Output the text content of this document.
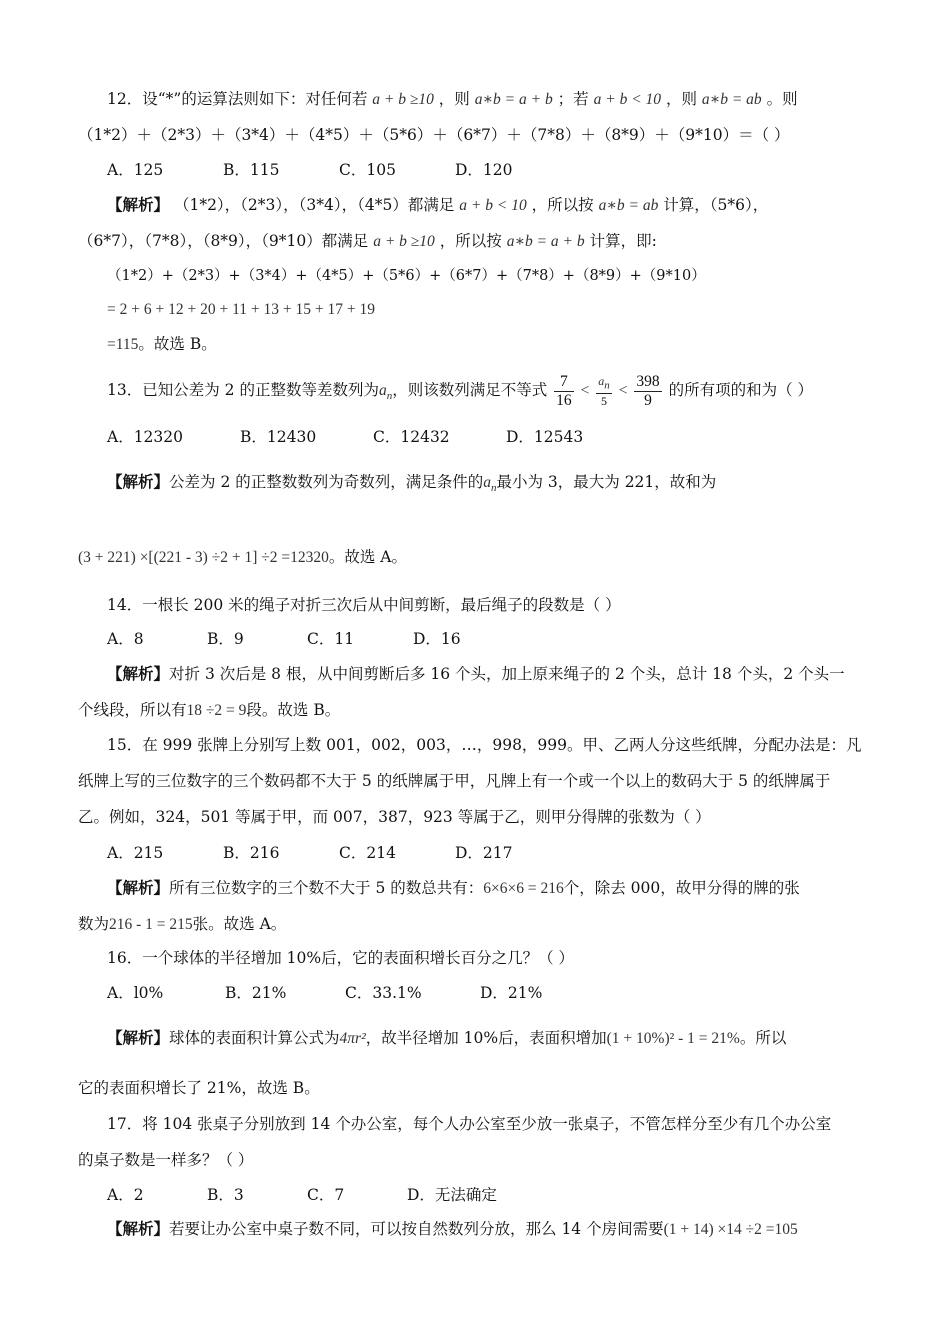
12．设“*”的运算法则如下：对任何若 a + b ≥10 ，则 a∗b = a + b ；若 a + b < 10 ，则 a∗b = ab 。则
（1*2）＋（2*3）＋（3*4）＋（4*5）＋（5*6）＋（6*7）＋（7*8）＋（8*9）＋（9*10）＝（ ）
A．125	B．115	C．105	D．120
【解析】 （1*2），（2*3），（3*4），（4*5）都满足 a + b < 10 ，所以按 a∗b = ab 计算，（5*6），
（6*7），（7*8），（8*9），（9*10）都满足 a + b ≥10 ，所以按 a∗b = a + b 计算，即:
（1*2）+（2*3）+（3*4）+（4*5）+（5*6）+（6*7）+（7*8）+（8*9）+（9*10）
= 2 + 6 + 12 + 20 + 11 + 13 + 15 + 17 + 19
=115。故选 B。
13．已知公差为 2 的正整数等差数列为$a_n$，则该数列满足不等式 $\frac{7}{16} < \frac{a_n}{5} < \frac{398}{9}$ 的所有项的和为（ ）
A．12320	B．12430	C．12432	D．12543
【解析】公差为 2 的正整数数列为奇数列，满足条件的$a_n$最小为 3，最大为 221，故和为
(3 + 221) ×[(221 - 3) ÷2 + 1] ÷2 =12320。故选 A。
14．一根长 200 米的绳子对折三次后从中间剪断，最后绳子的段数是（ ）
A．8	B．9	C．11	D．16
【解析】对折 3 次后是 8 根，从中间剪断后多 16 个头，加上原来绳子的 2 个头，总计 18 个头，2 个头一
个线段，所以有18 ÷2 = 9段。故选 B。
15．在 999 张牌上分别写上数 001，002，003，…，998，999。甲、乙两人分这些纸牌，分配办法是：凡
纸牌上写的三位数字的三个数码都不大于 5 的纸牌属于甲，凡牌上有一个或一个以上的数码大于 5 的纸牌属于
乙。例如，324，501 等属于甲，而 007，387，923 等属于乙，则甲分得牌的张数为（ ）
A．215	B．216	C．214	D．217
【解析】所有三位数字的三个数不大于 5 的数总共有：6×6×6 = 216个，除去 000，故甲分得的牌的张
数为216 - 1 = 215张。故选 A。
16．一个球体的半径增加 10%后，它的表面积增长百分之几？（ ）
A．l0%	B．21%	C．33.1%	D．21%
【解析】球体的表面积计算公式为4πr²，故半径增加 10%后，表面积增加(1 + 10%)² - 1 = 21%。所以
它的表面积增长了 21%，故选 B。
17．将 104 张桌子分别放到 14 个办公室，每个人办公室至少放一张桌子，不管怎样分至少有几个办公室
的桌子数是一样多？（ ）
A．2	B．3	C．7	D．无法确定
【解析】若要让办公室中桌子数不同，可以按自然数列分放，那么 14 个房间需要(1 + 14) ×14 ÷2 =105
